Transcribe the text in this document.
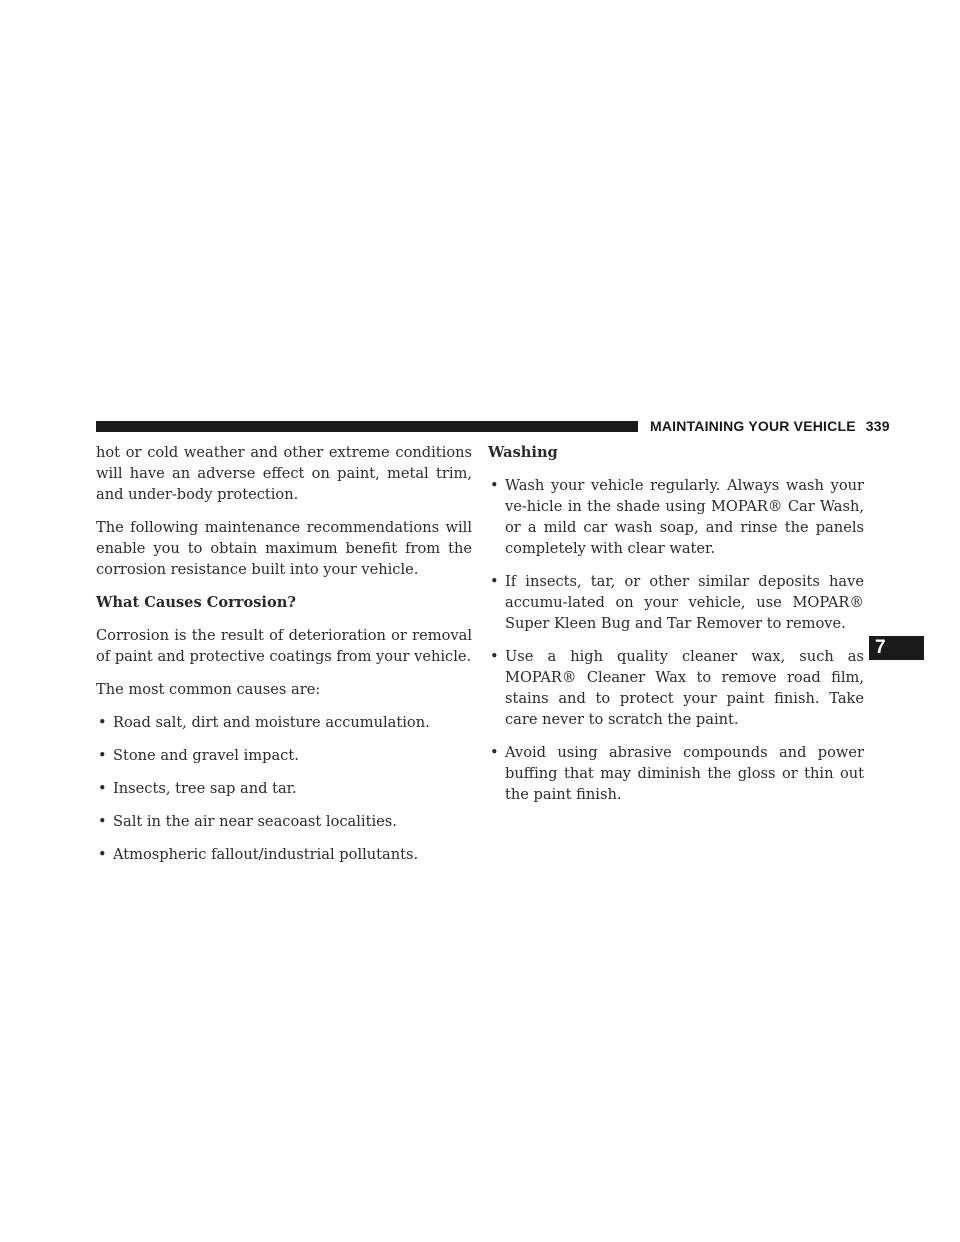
MAINTAINING YOUR VEHICLE 339
7

hot or cold weather and other extreme conditions will have an adverse effect on paint, metal trim, and under-body protection.

The following maintenance recommendations will enable you to obtain maximum benefit from the corrosion resistance built into your vehicle.

What Causes Corrosion?

Corrosion is the result of deterioration or removal of paint and protective coatings from your vehicle.

The most common causes are:

• Road salt, dirt and moisture accumulation.
• Stone and gravel impact.
• Insects, tree sap and tar.
• Salt in the air near seacoast localities.
• Atmospheric fallout/industrial pollutants.
Washing
• Wash your vehicle regularly. Always wash your ve-hicle in the shade using MOPAR® Car Wash, or a mild car wash soap, and rinse the panels completely with clear water.
• If insects, tar, or other similar deposits have accumu-lated on your vehicle, use MOPAR® Super Kleen Bug and Tar Remover to remove.
• Use a high quality cleaner wax, such as MOPAR® Cleaner Wax to remove road film, stains and to protect your paint finish. Take care never to scratch the paint.
• Avoid using abrasive compounds and power buffing that may diminish the gloss or thin out the paint finish.
